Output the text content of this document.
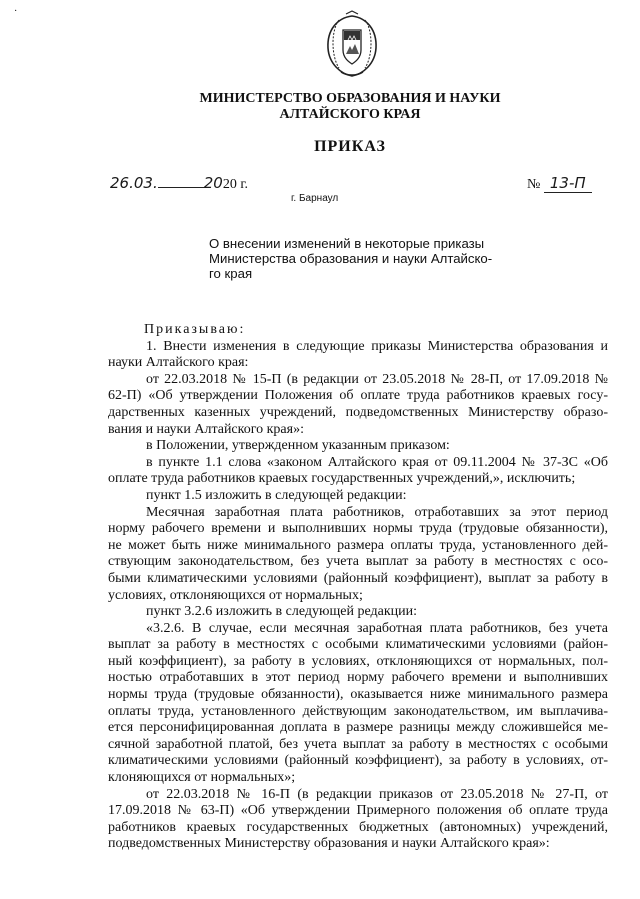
·
МИНИСТЕРСТВО ОБРАЗОВАНИЯ И НАУКИ
АЛТАЙСКОГО КРАЯ
ПРИКАЗ
26.03.	2020 г.	№ 13-П
г. Барнаул
О внесении изменений в некоторые приказы
Министерства образования и науки Алтайско-
го края
Приказываю:
1. Внести изменения в следующие приказы Министерства образования и
науки Алтайского края:
от 22.03.2018 № 15-П (в редакции от 23.05.2018 № 28-П, от 17.09.2018 №
62-П) «Об утверждении Положения об оплате труда работников краевых госу-
дарственных казенных учреждений, подведомственных Министерству образо-
вания и науки Алтайского края»:
в Положении, утвержденном указанным приказом:
в пункте 1.1 слова «законом Алтайского края от 09.11.2004 № 37-ЗС «Об
оплате труда работников краевых государственных учреждений,», исключить;
пункт 1.5 изложить в следующей редакции:
Месячная заработная плата работников, отработавших за этот период
норму рабочего времени и выполнивших нормы труда (трудовые обязанности),
не может быть ниже минимального размера оплаты труда, установленного дей-
ствующим законодательством, без учета выплат за работу в местностях с осо-
быми климатическими условиями (районный коэффициент), выплат за работу в
условиях, отклоняющихся от нормальных;
пункт 3.2.6 изложить в следующей редакции:
«3.2.6. В случае, если месячная заработная плата работников, без учета
выплат за работу в местностях с особыми климатическими условиями (район-
ный коэффициент), за работу в условиях, отклоняющихся от нормальных, пол-
ностью отработавших в этот период норму рабочего времени и выполнивших
нормы труда (трудовые обязанности), оказывается ниже минимального размера
оплаты труда, установленного действующим законодательством, им выплачива-
ется персонифицированная доплата в размере разницы между сложившейся ме-
сячной заработной платой, без учета выплат за работу в местностях с особыми
климатическими условиями (районный коэффициент), за работу в условиях, от-
клоняющихся от нормальных»;
от 22.03.2018 № 16-П (в редакции приказов от 23.05.2018 № 27-П, от
17.09.2018 № 63-П) «Об утверждении Примерного положения об оплате труда
работников краевых государственных бюджетных (автономных) учреждений,
подведомственных Министерству образования и науки Алтайского края»:
